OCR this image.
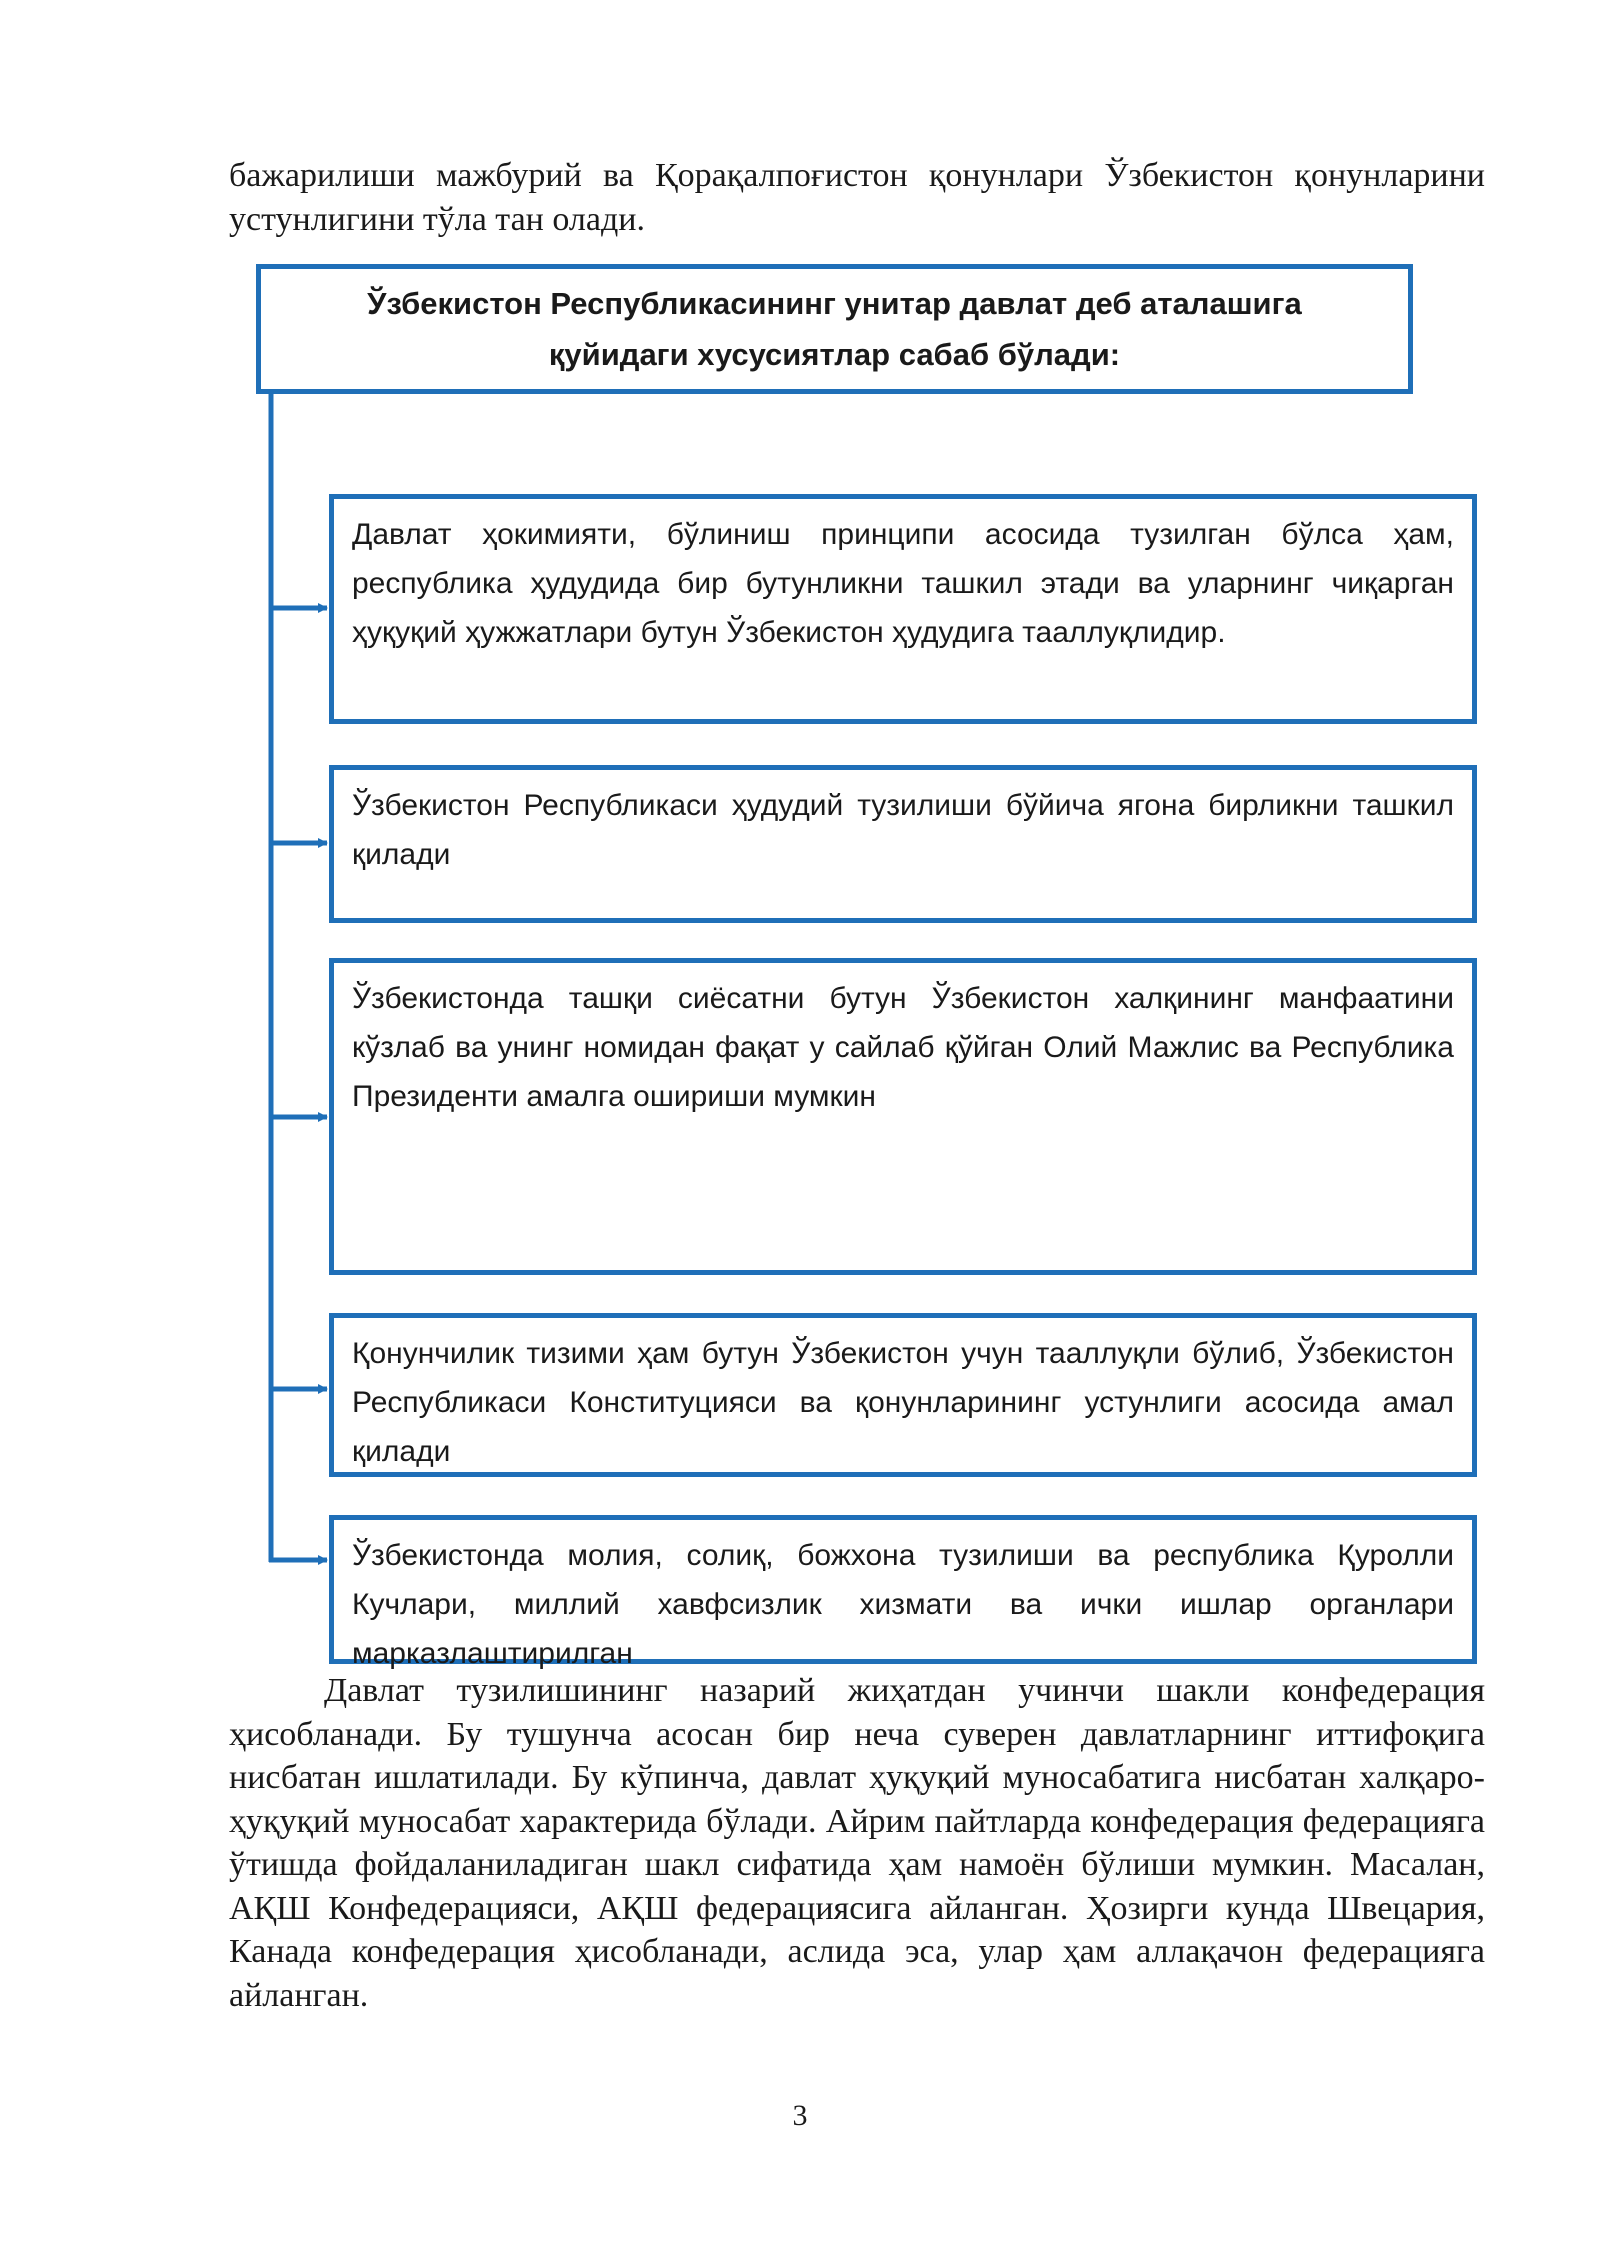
бажарилиши мажбурий ва Қорақалпоғистон қонунлари Ўзбекистон қонунларини устунлигини тўла тан олади.

Ўзбекистон Республикасининг унитар давлат деб аталашига қуйидаги хусусиятлар сабаб бўлади:
Давлат ҳокимияти, бўлиниш принципи асосида тузилган бўлса ҳам, республика ҳудудида бир бутунликни ташкил этади ва уларнинг чиқарган ҳуқуқий ҳужжатлари бутун Ўзбекистон ҳудудига тааллуқлидир.
Ўзбекистон Республикаси ҳудудий тузилиши бўйича ягона бирликни ташкил қилади
Ўзбекистонда ташқи сиёсатни бутун Ўзбекистон халқининг манфаатини кўзлаб ва унинг номидан фақат у сайлаб қўйган Олий Мажлис ва Республика Президенти амалга ошириши мумкин
Қонунчилик тизими ҳам бутун Ўзбекистон учун тааллуқли бўлиб, Ўзбекистон Республикаси Конституцияси ва қонунларининг устунлиги асосида амал қилади
Ўзбекистонда молия, солиқ, божхона тузилиши ва республика Қуролли Кучлари, миллий хавфсизлик хизмати ва ички ишлар органлари марказлаштирилган

Давлат тузилишининг назарий жиҳатдан учинчи шакли конфедерация ҳисобланади. Бу тушунча асосан бир неча суверен давлатларнинг иттифоқига нисбатан ишлатилади. Бу кўпинча, давлат ҳуқуқий муносабатига нисбатан халқаро-ҳуқуқий муносабат характерида бўлади. Айрим пайтларда конфедерация федерацияга ўтишда фойдаланиладиган шакл сифатида ҳам намоён бўлиши мумкин. Масалан, АҚШ Конфедерацияси, АҚШ федерациясига айланган. Ҳозирги кунда Швецария, Канада конфедерация ҳисобланади, аслида эса, улар ҳам аллақачон федерацияга айланган.

3
